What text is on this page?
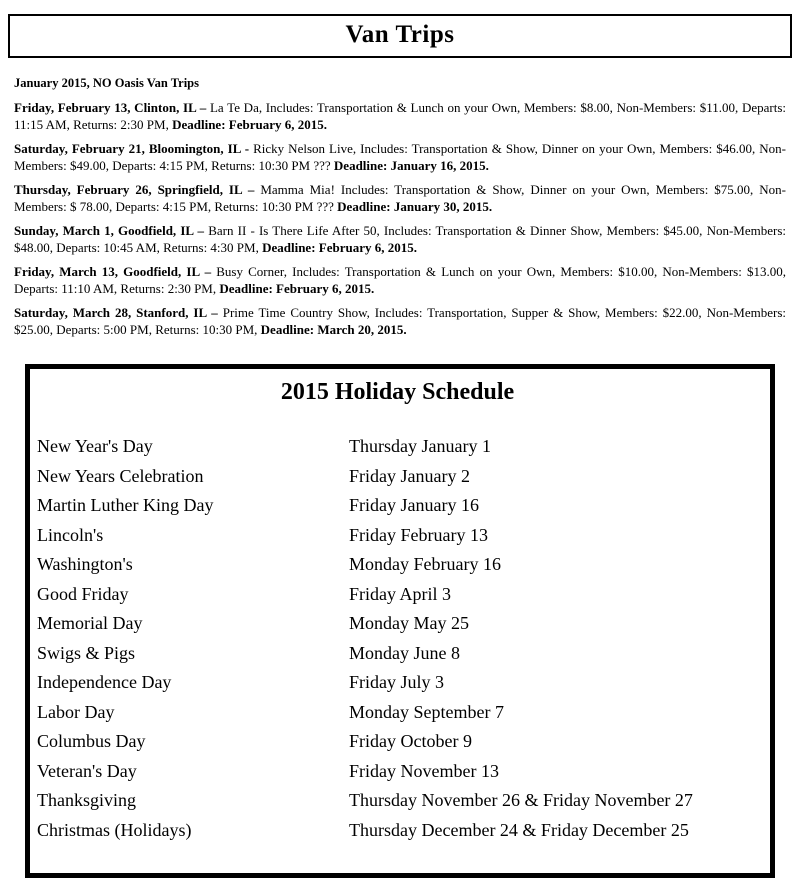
Van Trips

January 2015, NO Oasis Van Trips

Friday, February 13, Clinton, IL – La Te Da, Includes: Transportation & Lunch on your Own, Members: $8.00, Non-Members: $11.00, Departs: 11:15 AM, Returns: 2:30 PM, Deadline: February 6, 2015.

Saturday, February 21, Bloomington, IL - Ricky Nelson Live, Includes: Transportation & Show, Dinner on your Own, Members: $46.00, Non-Members: $49.00, Departs: 4:15 PM, Returns: 10:30 PM ??? Deadline: January 16, 2015.

Thursday, February 26, Springfield, IL – Mamma Mia! Includes: Transportation & Show, Dinner on your Own, Members: $75.00, Non-Members: $ 78.00, Departs: 4:15 PM, Returns: 10:30 PM ??? Deadline: January 30, 2015.

Sunday, March 1, Goodfield, IL – Barn II - Is There Life After 50, Includes: Transportation & Dinner Show, Members: $45.00, Non-Members: $48.00, Departs: 10:45 AM, Returns: 4:30 PM, Deadline: February 6, 2015.

Friday, March 13, Goodfield, IL – Busy Corner, Includes: Transportation & Lunch on your Own, Members: $10.00, Non-Members: $13.00, Departs: 11:10 AM, Returns: 2:30 PM, Deadline: February 6, 2015.

Saturday, March 28, Stanford, IL – Prime Time Country Show, Includes: Transportation, Supper & Show, Members: $22.00, Non-Members: $25.00, Departs: 5:00 PM, Returns: 10:30 PM, Deadline: March 20, 2015.

2015 Holiday Schedule
New Year's Day	Thursday January 1
New Years Celebration	Friday January 2
Martin Luther King Day	Friday January 16
Lincoln's	Friday February 13
Washington's	Monday February 16
Good Friday	Friday April 3
Memorial Day	Monday May 25
Swigs & Pigs	Monday June 8
Independence Day	Friday July 3
Labor Day	Monday September 7
Columbus Day	Friday October 9
Veteran's Day	Friday November 13
Thanksgiving	Thursday November 26 & Friday November 27
Christmas (Holidays)	Thursday December 24 & Friday December 25
